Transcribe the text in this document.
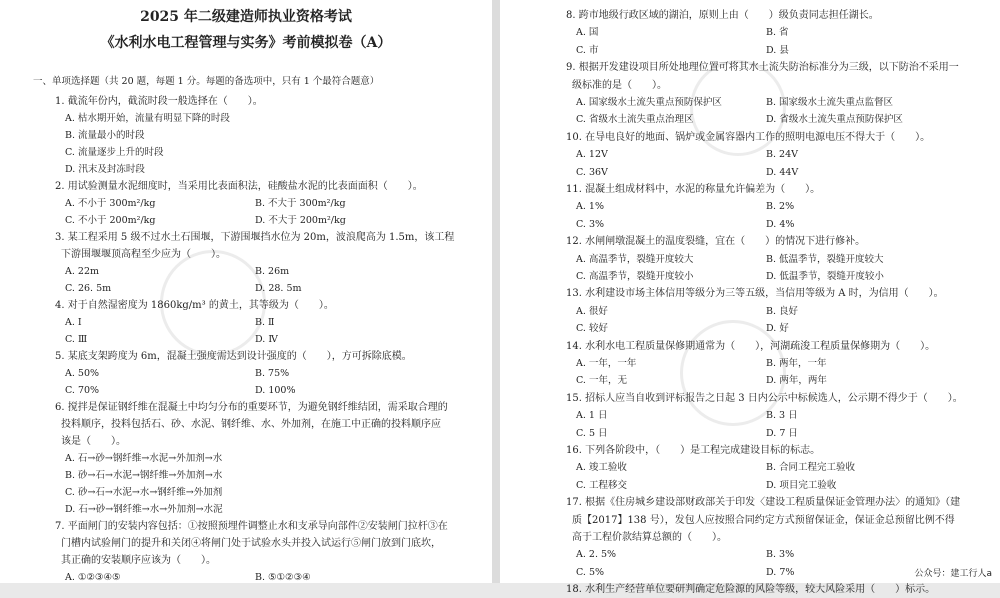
2025 年二级建造师执业资格考试
《水利水电工程管理与实务》考前模拟卷（A）
一、单项选择题（共 20 题，每题 1 分。每题的备选项中，只有 1 个最符合题意）
1. 截流年份内，截流时段一般选择在（　　）。
A. 枯水期开始，流量有明显下降的时段
B. 流量最小的时段
C. 流量逐步上升的时段
D. 汛末及封冻时段
2. 用试验测量水泥细度时，当采用比表面积法，硅酸盐水泥的比表面面积（　　）。
A. 不小于 300m²/kg	B. 不大于 300m²/kg
C. 不小于 200m²/kg	D. 不大于 200m²/kg
3. 某工程采用 5 级不过水土石围堰，下游围堰挡水位为 20m，波浪爬高为 1.5m，该工程
下游围堰堰顶高程至少应为（　　）。
A. 22m	B. 26m
C. 26. 5m	D. 28. 5m
4. 对于自然湿密度为 1860kg/m³ 的黄土，其等级为（　　）。
A. Ⅰ	B. Ⅱ
C. Ⅲ	D. Ⅳ
5. 某底支架跨度为 6m，混凝土强度需达到设计强度的（　　），方可拆除底模。
A. 50%	B. 75%
C. 70%	D. 100%
6. 搅拌是保证钢纤维在混凝土中均匀分布的重要环节，为避免钢纤维结团，需采取合理的
投料顺序，投料包括石、砂、水泥、钢纤维、水、外加剂，在施工中正确的投料顺序应
该是（　　）。
A. 石→砂→钢纤维→水泥→外加剂→水
B. 砂→石→水泥→钢纤维→外加剂→水
C. 砂→石→水泥→水→钢纤维→外加剂
D. 石→砂→钢纤维→水→外加剂→水泥
7. 平面闸门的安装内容包括：①按照预埋件调整止水和支承导向部件②安装闸门拉杆③在
门槽内试验闸门的提升和关闭④将闸门处于试验水头并投入试运行⑤闸门放到门底坎，
其正确的安装顺序应该为（　　）。
A. ①②③④⑤	B. ⑤①②③④
8. 跨市地级行政区域的湖泊，原则上由（　　）级负责同志担任湖长。
A. 国	B. 省
C. 市	D. 县
9. 根据开发建设项目所处地理位置可将其水土流失防治标准分为三级，以下防治不采用一
级标准的是（　　）。
A. 国家级水土流失重点预防保护区	B. 国家级水土流失重点监督区
C. 省级水土流失重点治理区	D. 省级水土流失重点预防保护区
10. 在导电良好的地面、锅炉或金属容器内工作的照明电源电压不得大于（　　）。
A. 12V	B. 24V
C. 36V	D. 44V
11. 混凝土组成材料中，水泥的称量允许偏差为（　　）。
A. 1%	B. 2%
C. 3%	D. 4%
12. 水闸闸墩混凝土的温度裂缝，宜在（　　）的情况下进行修补。
A. 高温季节，裂缝开度较大	B. 低温季节，裂缝开度较大
C. 高温季节，裂缝开度较小	D. 低温季节，裂缝开度较小
13. 水利建设市场主体信用等级分为三等五级，当信用等级为 A 时，为信用（　　）。
A. 很好	B. 良好
C. 较好	D. 好
14. 水利水电工程质量保修期通常为（　　），河湖疏浚工程质量保修期为（　　）。
A. 一年，一年	B. 两年，一年
C. 一年，无	D. 两年，两年
15. 招标人应当自收到评标报告之日起 3 日内公示中标候选人，公示期不得少于（　　）。
A. 1 日	B. 3 日
C. 5 日	D. 7 日
16. 下列各阶段中，（　　）是工程完成建设目标的标志。
A. 竣工验收	B. 合同工程完工验收
C. 工程移交	D. 项目完工验收
17. 根据《住房城乡建设部财政部关于印发〈建设工程质量保证金管理办法〉的通知》（建
质【2017】138 号），发包人应按照合同约定方式预留保证金，保证金总预留比例不得
高于工程价款结算总额的（　　）。
A. 2. 5%	B. 3%
C. 5%	D. 7%
18. 水利生产经营单位要研判确定危险源的风险等级，较大风险采用（　　）标示。
公众号：建工行人a
